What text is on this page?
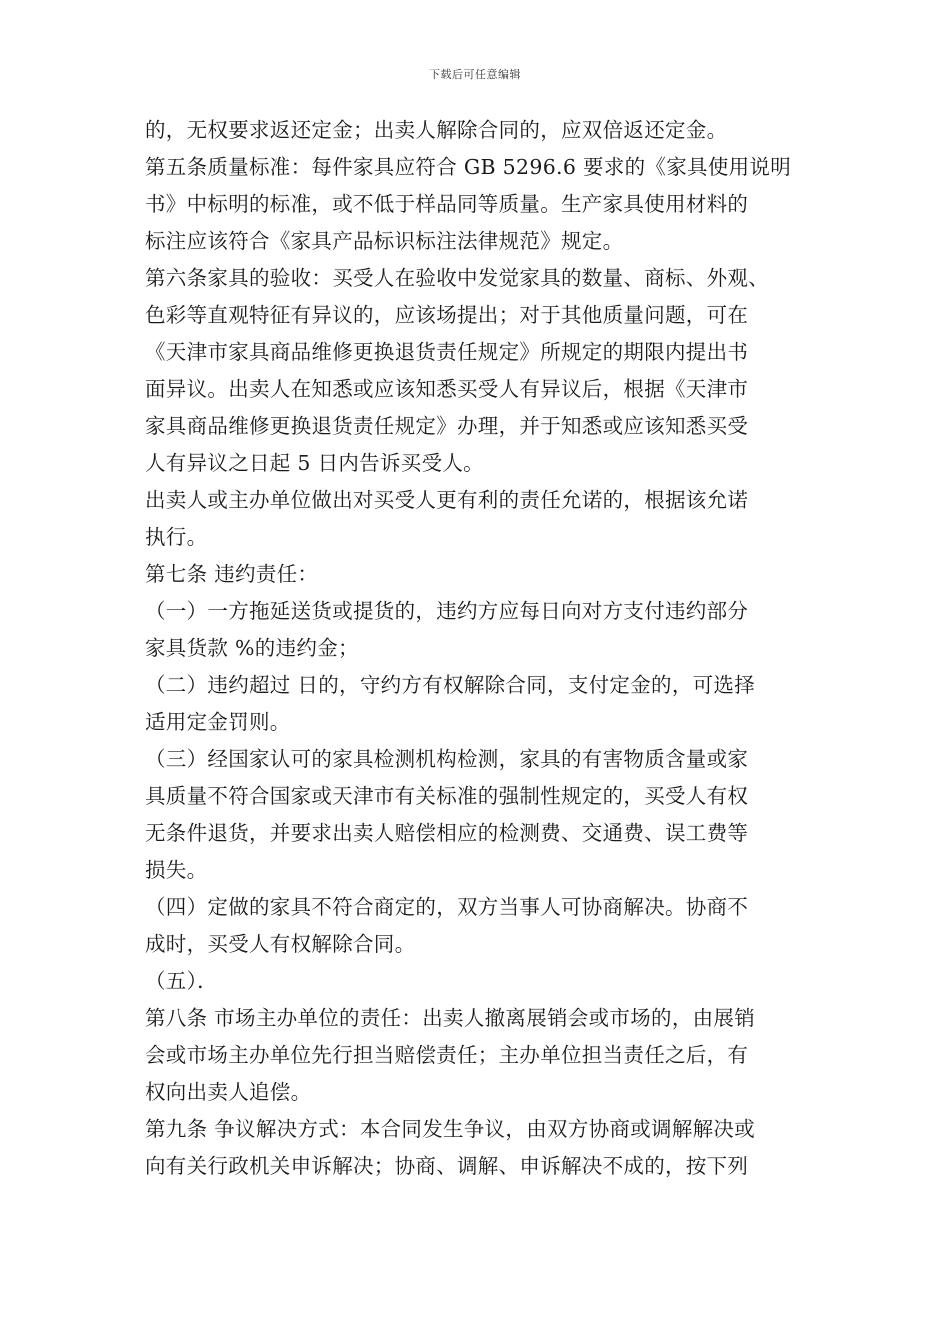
下载后可任意编辑
的，无权要求返还定金；出卖人解除合同的，应双倍返还定金。
第五条质量标准：每件家具应符合 GB 5296.6 要求的《家具使用说明
书》中标明的标准，或不低于样品同等质量。生产家具使用材料的
标注应该符合《家具产品标识标注法律规范》规定。
第六条家具的验收：买受人在验收中发觉家具的数量、商标、外观、
色彩等直观特征有异议的，应该场提出；对于其他质量问题，可在
《天津市家具商品维修更换退货责任规定》所规定的期限内提出书
面异议。出卖人在知悉或应该知悉买受人有异议后，根据《天津市
家具商品维修更换退货责任规定》办理，并于知悉或应该知悉买受
人有异议之日起 5 日内告诉买受人。
出卖人或主办单位做出对买受人更有利的责任允诺的，根据该允诺
执行。
第七条 违约责任：
（一）一方拖延送货或提货的，违约方应每日向对方支付违约部分
家具货款 %的违约金；
（二）违约超过 日的，守约方有权解除合同，支付定金的，可选择
适用定金罚则。
（三）经国家认可的家具检测机构检测，家具的有害物质含量或家
具质量不符合国家或天津市有关标准的强制性规定的，买受人有权
无条件退货，并要求出卖人赔偿相应的检测费、交通费、误工费等
损失。
（四）定做的家具不符合商定的，双方当事人可协商解决。协商不
成时，买受人有权解除合同。
（五）．
第八条 市场主办单位的责任：出卖人撤离展销会或市场的，由展销
会或市场主办单位先行担当赔偿责任；主办单位担当责任之后，有
权向出卖人追偿。
第九条 争议解决方式：本合同发生争议，由双方协商或调解解决或
向有关行政机关申诉解决；协商、调解、申诉解决不成的，按下列
